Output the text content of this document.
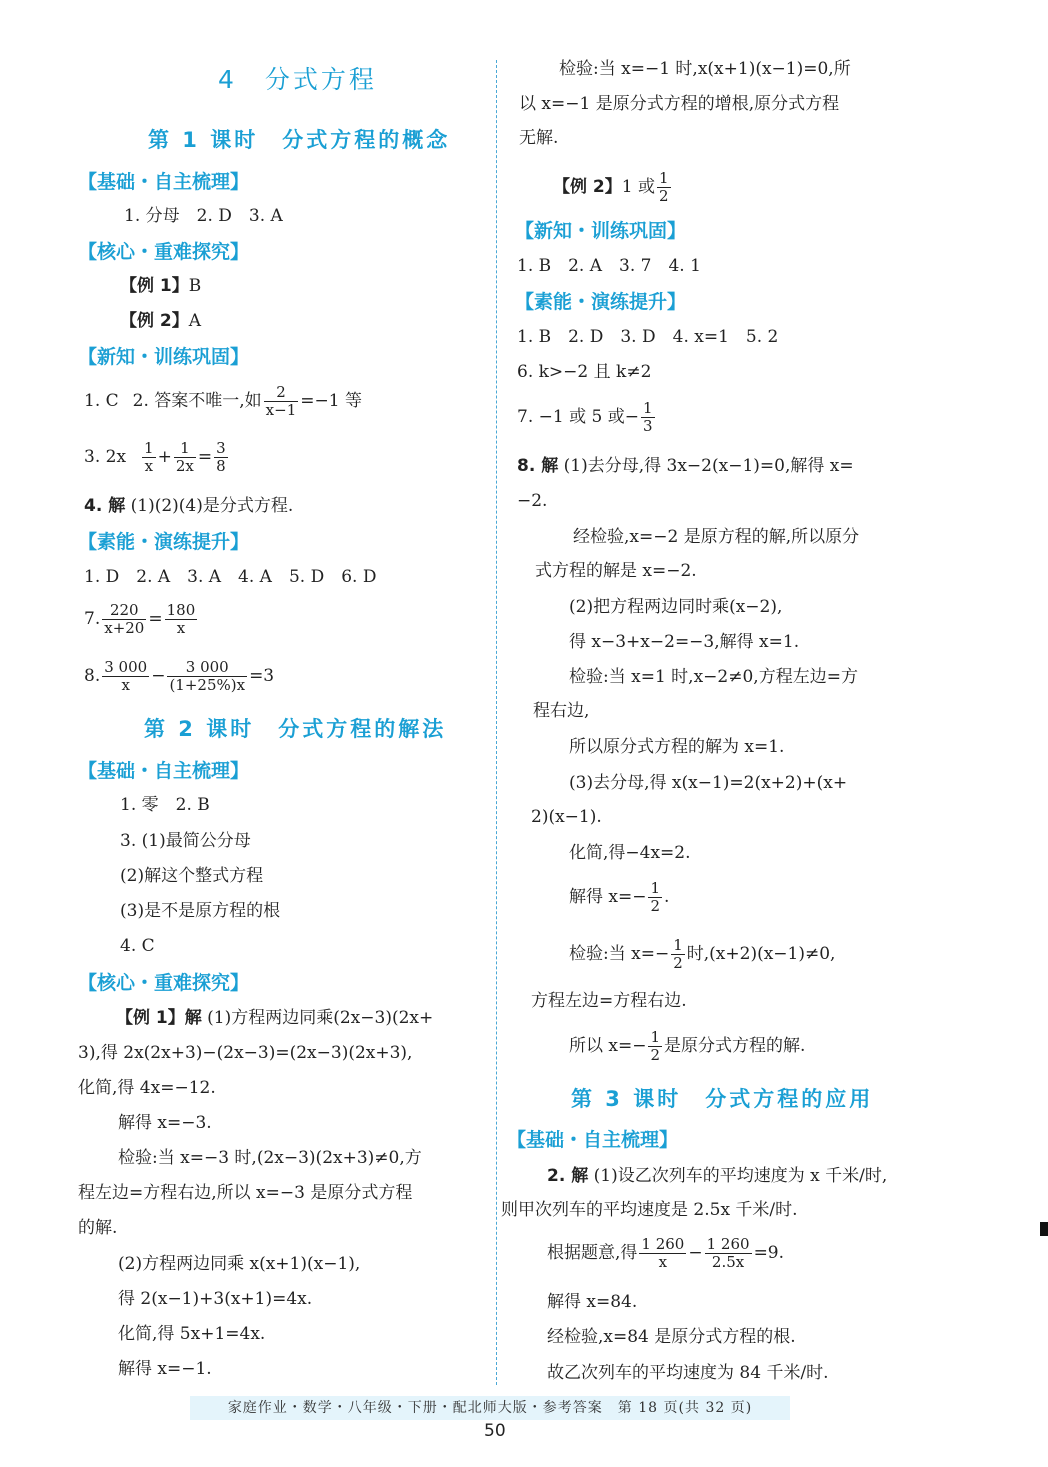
4　分式方程
第 1 课时　分式方程的概念
【基础・自主梳理】
1. 分母　2. D　3. A
【核心・重难探究】
【例 1】B
【例 2】A
【新知・训练巩固】
1. C 2. 答案不唯一,如 $\frac{2}{x-1} =-1$ 等
3. $2x \frac{1}{x} + \frac{1}{2x} = \frac{3}{8}$
4. 解 (1)(2)(4)是分式方程.
【素能・演练提升】
1. D　2. A　3. A　4. A　5. D　6. D
7. $\frac{220}{x+20} = \frac{180}{x}$
8. $\frac{3 000}{x} - \frac{3 000}{(1+25\%)x} =3$
第 2 课时　分式方程的解法
【基础・自主梳理】
1. 零　2. B
3. (1)最简公分母
(2)解这个整式方程
(3)是不是原方程的根
4. C
【核心・重难探究】
【例 1】解 (1)方程两边同乘(2x−3)(2x+
3),得 2x(2x+3)−(2x−3)=(2x−3)(2x+3),
化简,得 4x=−12.
解得 x=−3.
检验:当 x=−3 时,(2x−3)(2x+3)≠0,方
程左边=方程右边,所以 x=−3 是原分式方程
的解.
(2)方程两边同乘 x(x+1)(x−1),
得 2(x−1)+3(x+1)=4x.
化简,得 5x+1=4x.
解得 x=−1.
检验:当 x=−1 时,x(x+1)(x−1)=0,所
以 x=−1 是原分式方程的增根,原分式方程
无解.
【例 2】1 或 $\frac{1}{2}$
【新知・训练巩固】
1. B　2. A　3. 7　4. 1
【素能・演练提升】
1. B　2. D　3. D　4. x=1　5. 2
6. k>−2 且 k≠2
7. −1 或 5 或− $\frac{1}{3}$
8. 解 (1)去分母,得 3x−2(x−1)=0,解得 x=
−2.
经检验,x=−2 是原方程的解,所以原分
式方程的解是 x=−2.
(2)把方程两边同时乘(x−2),
得 x−3+x−2=−3,解得 x=1.
检验:当 x=1 时,x−2≠0,方程左边=方
程右边,
所以原分式方程的解为 x=1.
(3)去分母,得 x(x−1)=2(x+2)+(x+
2)(x−1).
化简,得−4x=2.
解得 $x=- \frac{1}{2}$ .
检验:当 $x=- \frac{1}{2}$ 时,(x+2)(x−1)≠0,
方程左边=方程右边.
所以 $x=- \frac{1}{2}$ 是原分式方程的解.
第 3 课时　分式方程的应用
【基础・自主梳理】
2. 解 (1)设乙次列车的平均速度为 x 千米/时,
则甲次列车的平均速度是 2.5x 千米/时.
根据题意,得 $\frac{1 260}{x} - \frac{1 260}{2.5x} =9$.
解得 x=84.
经检验,x=84 是原分式方程的根.
故乙次列车的平均速度为 84 千米/时.
家庭作业・数学・八年级・下册・配北师大版・参考答案　第 18 页(共 32 页)
50
